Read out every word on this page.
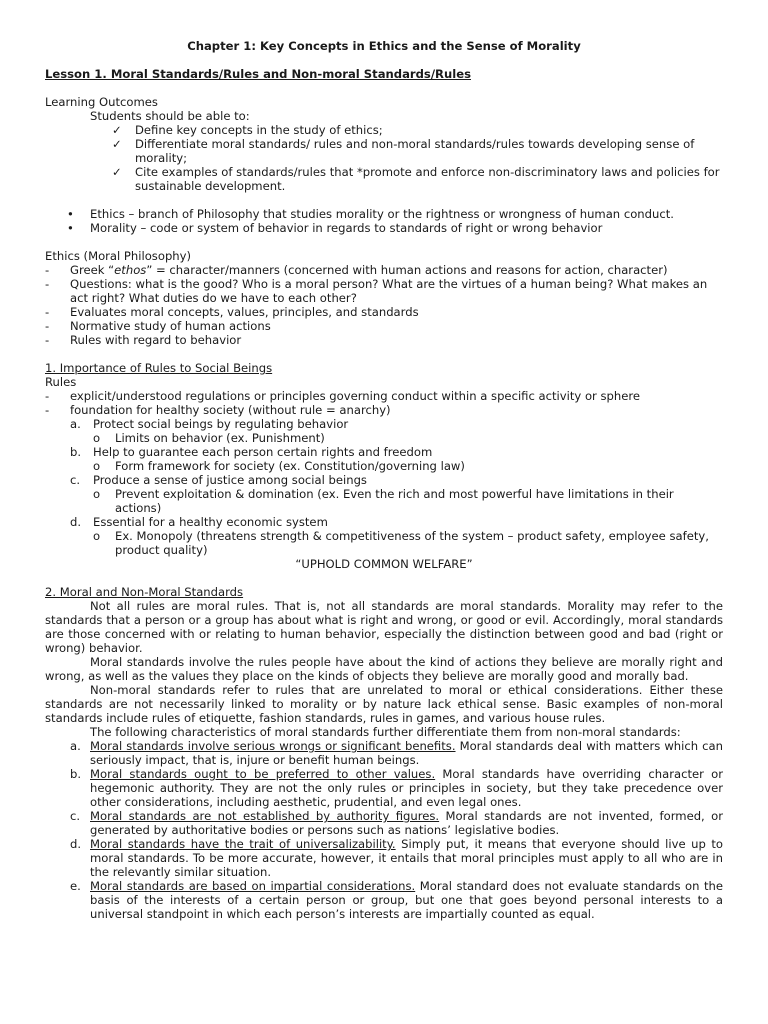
Chapter 1: Key Concepts in Ethics and the Sense of Morality
Lesson 1. Moral Standards/Rules and Non-moral Standards/Rules
Learning Outcomes
Students should be able to:
✓	Define key concepts in the study of ethics;
✓	Differentiate moral standards/ rules and non-moral standards/rules towards developing sense of morality;
✓	Cite examples of standards/rules that *promote and enforce non-discriminatory laws and policies for sustainable development.
•	Ethics – branch of Philosophy that studies morality or the rightness or wrongness of human conduct.
•	Morality – code or system of behavior in regards to standards of right or wrong behavior
Ethics (Moral Philosophy)
-	Greek “ethos” = character/manners (concerned with human actions and reasons for action, character)
-	Questions: what is the good? Who is a moral person? What are the virtues of a human being? What makes an act right? What duties do we have to each other?
-	Evaluates moral concepts, values, principles, and standards
-	Normative study of human actions
-	Rules with regard to behavior
1. Importance of Rules to Social Beings
Rules
-	explicit/understood regulations or principles governing conduct within a specific activity or sphere
-	foundation for healthy society (without rule = anarchy)
a.	Protect social beings by regulating behavior
o	Limits on behavior (ex. Punishment)
b.	Help to guarantee each person certain rights and freedom
o	Form framework for society (ex. Constitution/governing law)
c.	Produce a sense of justice among social beings
o	Prevent exploitation & domination (ex. Even the rich and most powerful have limitations in their actions)
d.	Essential for a healthy economic system
o	Ex. Monopoly (threatens strength & competitiveness of the system – product safety, employee safety, product quality)
“UPHOLD COMMON WELFARE”
2. Moral and Non-Moral Standards
Not all rules are moral rules. That is, not all standards are moral standards. Morality may refer to the standards that a person or a group has about what is right and wrong, or good or evil. Accordingly, moral standards are those concerned with or relating to human behavior, especially the distinction between good and bad (right or wrong) behavior.
Moral standards involve the rules people have about the kind of actions they believe are morally right and wrong, as well as the values they place on the kinds of objects they believe are morally good and morally bad.
Non-moral standards refer to rules that are unrelated to moral or ethical considerations. Either these standards are not necessarily linked to morality or by nature lack ethical sense. Basic examples of non-moral standards include rules of etiquette, fashion standards, rules in games, and various house rules.
The following characteristics of moral standards further differentiate them from non-moral standards:
a. Moral standards involve serious wrongs or significant benefits. Moral standards deal with matters which can seriously impact, that is, injure or benefit human beings.
b. Moral standards ought to be preferred to other values. Moral standards have overriding character or hegemonic authority. They are not the only rules or principles in society, but they take precedence over other considerations, including aesthetic, prudential, and even legal ones.
c. Moral standards are not established by authority figures. Moral standards are not invented, formed, or generated by authoritative bodies or persons such as nations’ legislative bodies.
d. Moral standards have the trait of universalizability. Simply put, it means that everyone should live up to moral standards. To be more accurate, however, it entails that moral principles must apply to all who are in the relevantly similar situation.
e. Moral standards are based on impartial considerations. Moral standard does not evaluate standards on the basis of the interests of a certain person or group, but one that goes beyond personal interests to a universal standpoint in which each person’s interests are impartially counted as equal.
